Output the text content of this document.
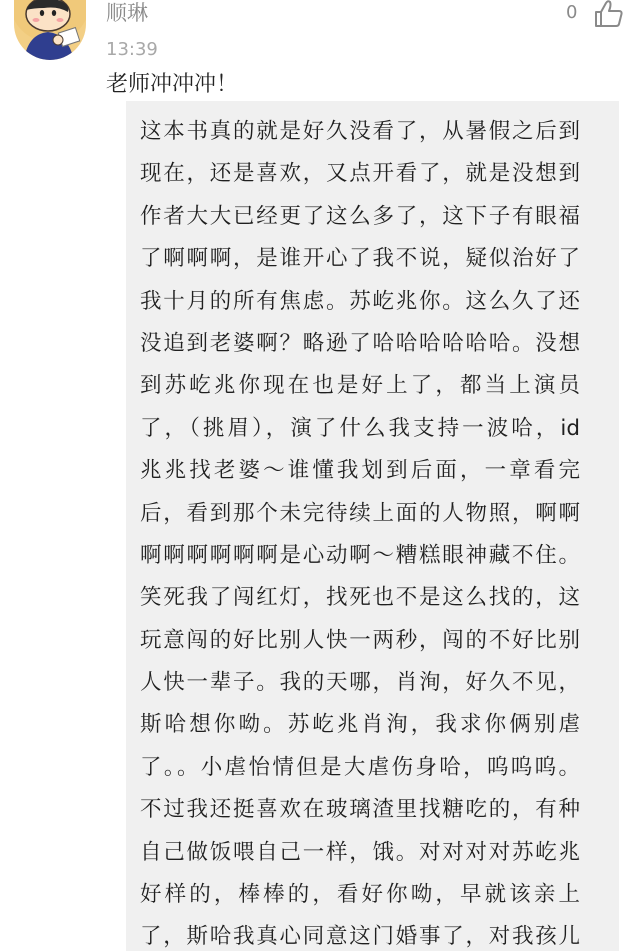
顺琳
13:39
0
老师冲冲冲！
这本书真的就是好久没看了，从暑假之后到
现在，还是喜欢，又点开看了，就是没想到
作者大大已经更了这么多了，这下子有眼福
了啊啊啊，是谁开心了我不说，疑似治好了
我十月的所有焦虑。苏屹兆你。这么久了还
没追到老婆啊？略逊了哈哈哈哈哈哈。没想
到苏屹兆你现在也是好上了，都当上演员
了，（挑眉），演了什么我支持一波哈，id
兆兆找老婆～谁懂我划到后面，一章看完
后，看到那个未完待续上面的人物照，啊啊
啊啊啊啊啊啊是心动啊～糟糕眼神藏不住。
笑死我了闯红灯，找死也不是这么找的，这
玩意闯的好比别人快一两秒，闯的不好比别
人快一辈子。我的天哪，肖洵，好久不见，
斯哈想你呦。苏屹兆肖洵，我求你俩别虐
了。。小虐怡情但是大虐伤身哈，呜呜呜。
不过我还挺喜欢在玻璃渣里找糖吃的，有种
自己做饭喂自己一样，饿。对对对对苏屹兆
好样的，棒棒的，看好你呦，早就该亲上
了，斯哈我真心同意这门婚事了，对我孩儿
